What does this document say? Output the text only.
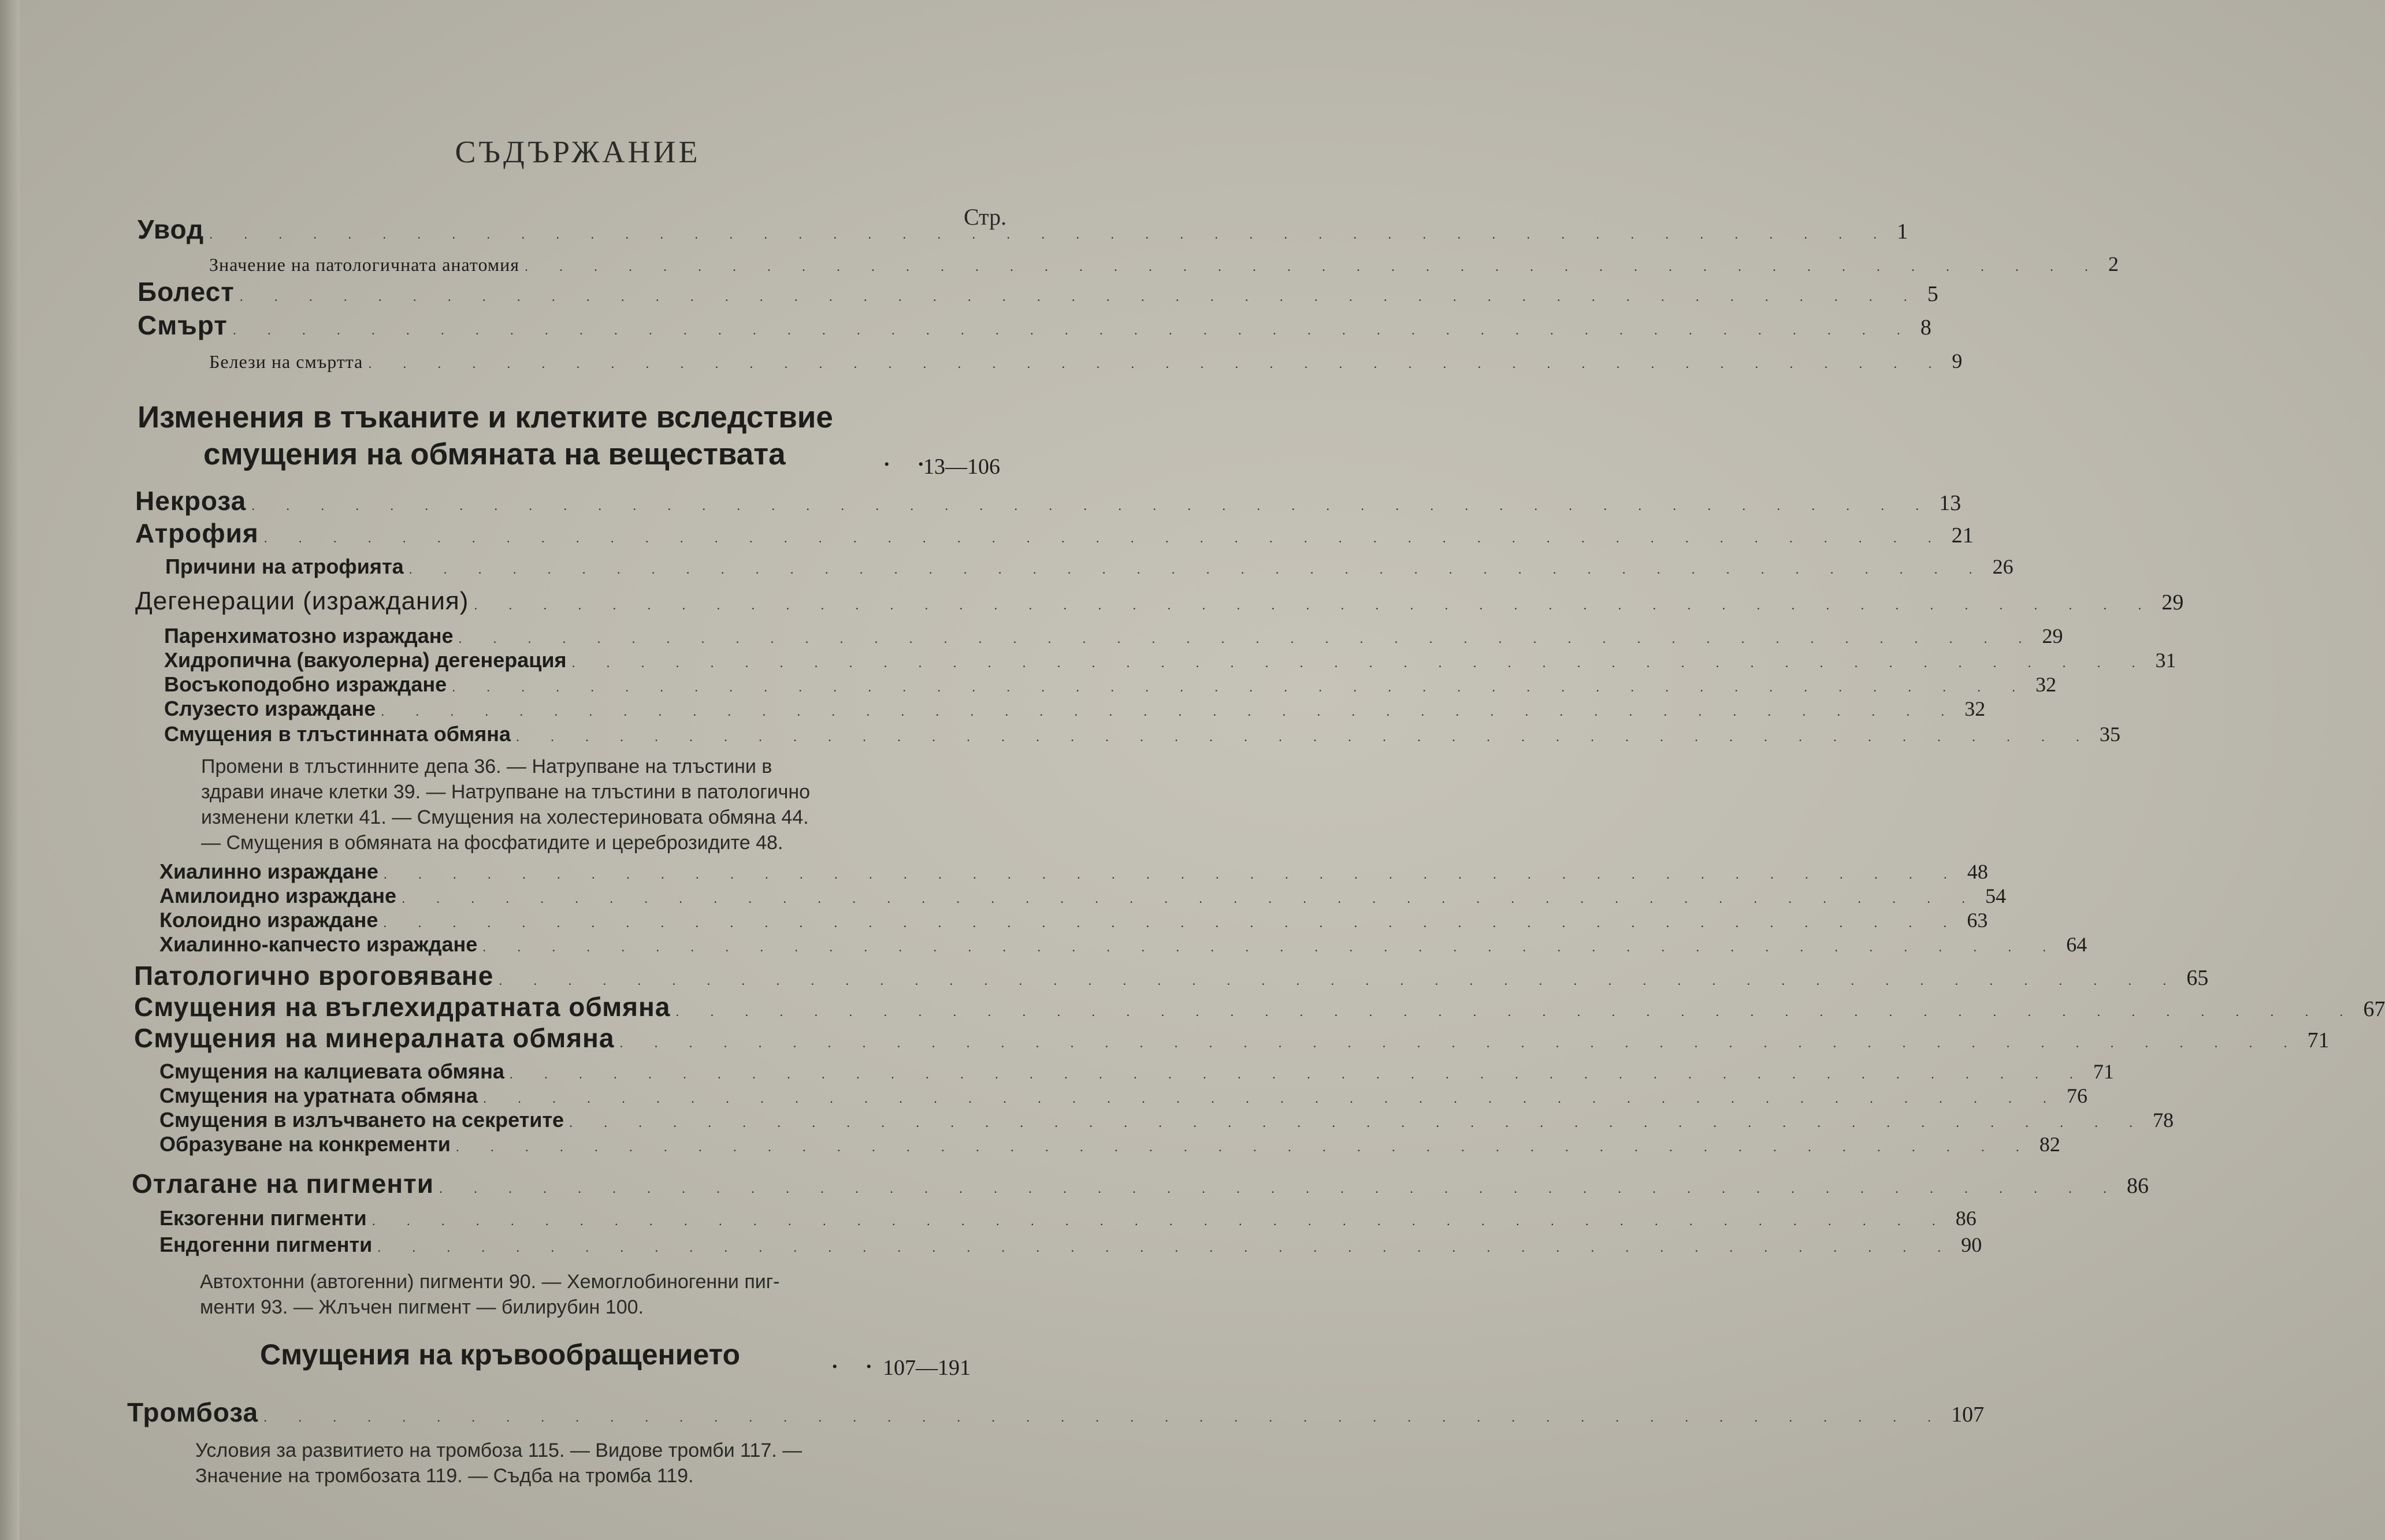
СЪДЪРЖАНИЕ
Стр.
Увод . . . . . . . . . . . . . . . . . . . . . . . . . . . . . . . . . . . . . . . . . . . . . . . . . 1
Значение на патологичната анатомия . . . . . . . . . . . . . . . . . . . . . . . . . . . . . . . . . . . . . . . . . . . . . . 2
Болест . . . . . . . . . . . . . . . . . . . . . . . . . . . . . . . . . . . . . . . . . . . . . . . . . 5
Смърт . . . . . . . . . . . . . . . . . . . . . . . . . . . . . . . . . . . . . . . . . . . . . . . . . 8
Белези на смъртта . . . . . . . . . . . . . . . . . . . . . . . . . . . . . . . . . . . . . . . . . . . . . . 9
Изменения в тъканите и клетките вследствие
смущения на обмяната на веществата	. .
13—106
Некроза . . . . . . . . . . . . . . . . . . . . . . . . . . . . . . . . . . . . . . . . . . . . . . . . . 13
Атрофия . . . . . . . . . . . . . . . . . . . . . . . . . . . . . . . . . . . . . . . . . . . . . . . . . 21
Причини на атрофията . . . . . . . . . . . . . . . . . . . . . . . . . . . . . . . . . . . . . . . . . . . . . . 26
Дегенерации (израждания) . . . . . . . . . . . . . . . . . . . . . . . . . . . . . . . . . . . . . . . . . . . . . . . . . 29
Паренхиматозно израждане . . . . . . . . . . . . . . . . . . . . . . . . . . . . . . . . . . . . . . . . . . . . . . 29
Хидропична (вакуолерна) дегенерация . . . . . . . . . . . . . . . . . . . . . . . . . . . . . . . . . . . . . . . . . . . . . . 31
Восъкоподобно израждане . . . . . . . . . . . . . . . . . . . . . . . . . . . . . . . . . . . . . . . . . . . . . . 32
Слузесто израждане . . . . . . . . . . . . . . . . . . . . . . . . . . . . . . . . . . . . . . . . . . . . . . 32
Смущения в тлъстинната обмяна . . . . . . . . . . . . . . . . . . . . . . . . . . . . . . . . . . . . . . . . . . . . . . 35
Промени в тлъстинните депа 36. — Натрупване на тлъстини в
здрави иначе клетки 39. — Натрупване на тлъстини в патологично
изменени клетки 41. — Смущения на холестериновата обмяна 44.
— Смущения в обмяната на фосфатидите и цереброзидите 48.
Хиалинно израждане . . . . . . . . . . . . . . . . . . . . . . . . . . . . . . . . . . . . . . . . . . . . . . 48
Амилоидно израждане . . . . . . . . . . . . . . . . . . . . . . . . . . . . . . . . . . . . . . . . . . . . . . 54
Колоидно израждане . . . . . . . . . . . . . . . . . . . . . . . . . . . . . . . . . . . . . . . . . . . . . . 63
Хиалинно-капчесто израждане . . . . . . . . . . . . . . . . . . . . . . . . . . . . . . . . . . . . . . . . . . . . . . 64
Патологично вроговяване . . . . . . . . . . . . . . . . . . . . . . . . . . . . . . . . . . . . . . . . . . . . . . . . . 65
Смущения на въглехидратната обмяна . . . . . . . . . . . . . . . . . . . . . . . . . . . . . . . . . . . . . . . . . . . . . . . . . 67
Смущения на минералната обмяна . . . . . . . . . . . . . . . . . . . . . . . . . . . . . . . . . . . . . . . . . . . . . . . . . 71
Смущения на калциевата обмяна . . . . . . . . . . . . . . . . . . . . . . . . . . . . . . . . . . . . . . . . . . . . . . 71
Смущения на уратната обмяна . . . . . . . . . . . . . . . . . . . . . . . . . . . . . . . . . . . . . . . . . . . . . . 76
Смущения в излъчването на секретите . . . . . . . . . . . . . . . . . . . . . . . . . . . . . . . . . . . . . . . . . . . . . . 78
Образуване на конкременти . . . . . . . . . . . . . . . . . . . . . . . . . . . . . . . . . . . . . . . . . . . . . . 82
Отлагане на пигменти . . . . . . . . . . . . . . . . . . . . . . . . . . . . . . . . . . . . . . . . . . . . . . . . . 86
Екзогенни пигменти . . . . . . . . . . . . . . . . . . . . . . . . . . . . . . . . . . . . . . . . . . . . . . 86
Ендогенни пигменти . . . . . . . . . . . . . . . . . . . . . . . . . . . . . . . . . . . . . . . . . . . . . . 90
Автохтонни (автогенни) пигменти 90. — Хемоглобиногенни пиг-
менти 93. — Жлъчен пигмент — билирубин 100.
Смущения на кръвообращението	. . 107—191
Тромбоза . . . . . . . . . . . . . . . . . . . . . . . . . . . . . . . . . . . . . . . . . . . . . . . . . 107
Условия за развитието на тромбоза 115. — Видове тромби 117. —
Значение на тромбозата 119. — Съдба на тромба 119.
